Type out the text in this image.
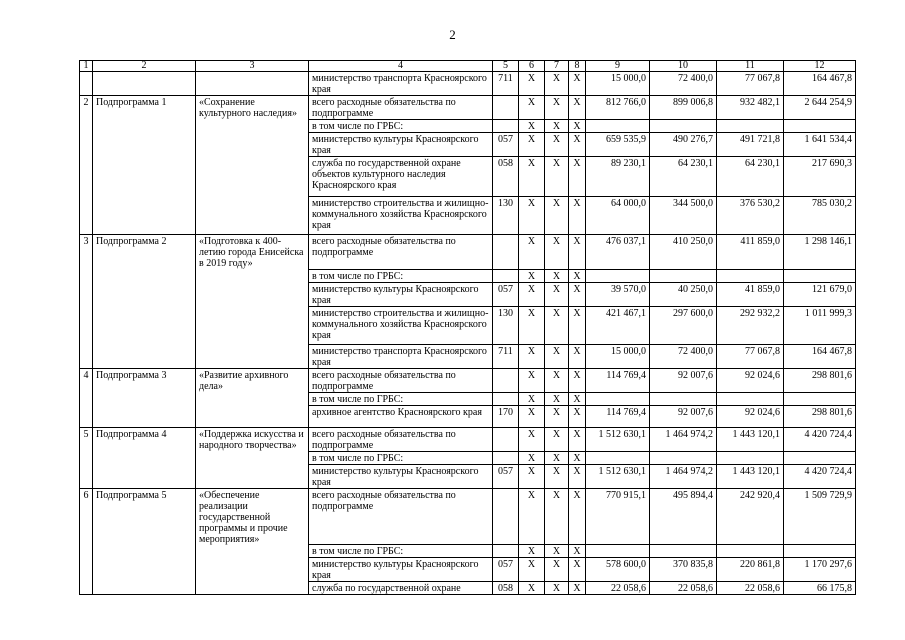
2
1	2	3	4	5	6	7	8	9	10	11	12
			министерство транспорта Красноярского края	711	Х	Х	Х	15 000,0	72 400,0	77 067,8	164 467,8
2	Подпрограмма 1	«Сохранение культурного наследия»	всего расходные обязательства по подпрограмме		Х	Х	Х	812 766,0	899 006,8	932 482,1	2 644 254,9
			в том числе по ГРБС:		Х	Х	Х				
			министерство культуры Красноярского края	057	Х	Х	Х	659 535,9	490 276,7	491 721,8	1 641 534,4
			служба по государственной охране объектов культурного наследия Красноярского края	058	Х	Х	Х	89 230,1	64 230,1	64 230,1	217 690,3
			министерство строительства и жилищно-коммунального хозяйства Красноярского края	130	Х	Х	Х	64 000,0	344 500,0	376 530,2	785 030,2
3	Подпрограмма 2	«Подготовка к 400-летию города Енисейска в 2019 году»	всего расходные обязательства по подпрограмме		Х	Х	Х	476 037,1	410 250,0	411 859,0	1 298 146,1
			в том числе по ГРБС:		Х	Х	Х				
			министерство культуры Красноярского края	057	Х	Х	Х	39 570,0	40 250,0	41 859,0	121 679,0
			министерство строительства и жилищно-коммунального хозяйства Красноярского края	130	Х	Х	Х	421 467,1	297 600,0	292 932,2	1 011 999,3
			министерство транспорта Красноярского края	711	Х	Х	Х	15 000,0	72 400,0	77 067,8	164 467,8
4	Подпрограмма 3	«Развитие архивного дела»	всего расходные обязательства по подпрограмме		Х	Х	Х	114 769,4	92 007,6	92 024,6	298 801,6
			в том числе по ГРБС:		Х	Х	Х				
			архивное агентство Красноярского края	170	Х	Х	Х	114 769,4	92 007,6	92 024,6	298 801,6
5	Подпрограмма 4	«Поддержка искусства и народного творчества»	всего расходные обязательства по подпрограмме		Х	Х	Х	1 512 630,1	1 464 974,2	1 443 120,1	4 420 724,4
			в том числе по ГРБС:		Х	Х	Х				
			министерство культуры Красноярского края	057	Х	Х	Х	1 512 630,1	1 464 974,2	1 443 120,1	4 420 724,4
6	Подпрограмма 5	«Обеспечение реализации государственной программы и прочие мероприятия»	всего расходные обязательства по подпрограмме		Х	Х	Х	770 915,1	495 894,4	242 920,4	1 509 729,9
			в том числе по ГРБС:		Х	Х	Х				
			министерство культуры Красноярского края	057	Х	Х	Х	578 600,0	370 835,8	220 861,8	1 170 297,6
			служба по государственной охране	058	Х	Х	Х	22 058,6	22 058,6	22 058,6	66 175,8
